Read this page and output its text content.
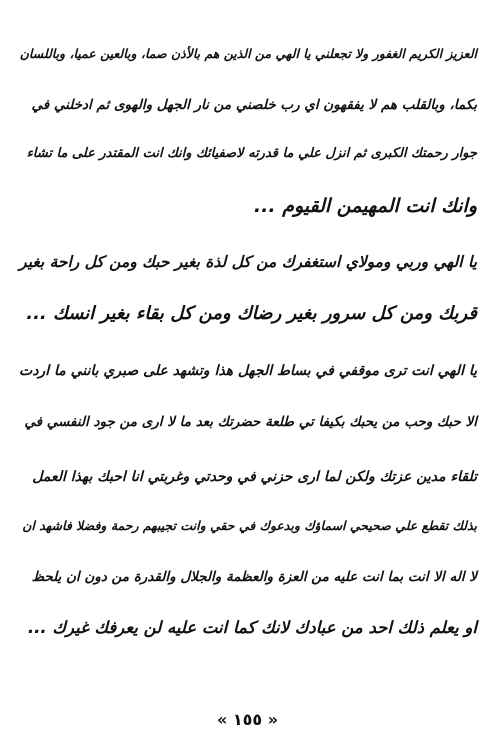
العزيز الكريم الغفور ولا تجعلني يا الهي من الذين هم بالأذن صما، وبالعين عميا، وباللسان
بكما، وبالقلب هم لا يفقهون اي رب خلصني من نار الجهل والهوى ثم ادخلني في
جوار رحمتك الكبرى ثم انزل علي ما قدرته لاصفيائك وانك انت المقتدر على ما تشاء
وانك انت المهيمن القيوم ...
يا الهي وربي ومولاي استغفرك من كل لذة بغير حبك ومن كل راحة بغير
قربك ومن كل سرور بغير رضاك ومن كل بقاء بغير انسك ...
يا الهي انت ترى موقفي في بساط الجهل هذا وتشهد على صبري بانني ما اردت
الا حبك وحب من يحبك بكيفا تي طلعة حضرتك بعد ما لا ارى من جود النفسي في
تلقاء مدين عزتك ولكن لما ارى حزني في وحدتي وغربتي انا احبك بهذا العمل
بذلك تقطع علي صحيحي اسماؤك وبدعوك في حقي وانت تجيبهم رحمة وفضلا فاشهد ان
لا اله الا انت بما انت عليه من العزة والعظمة والجلال والقدرة من دون ان يلحظ
او يعلم ذلك احد من عبادك لانك كما انت عليه لن يعرفك غيرك ...
« ١٥٥ »
